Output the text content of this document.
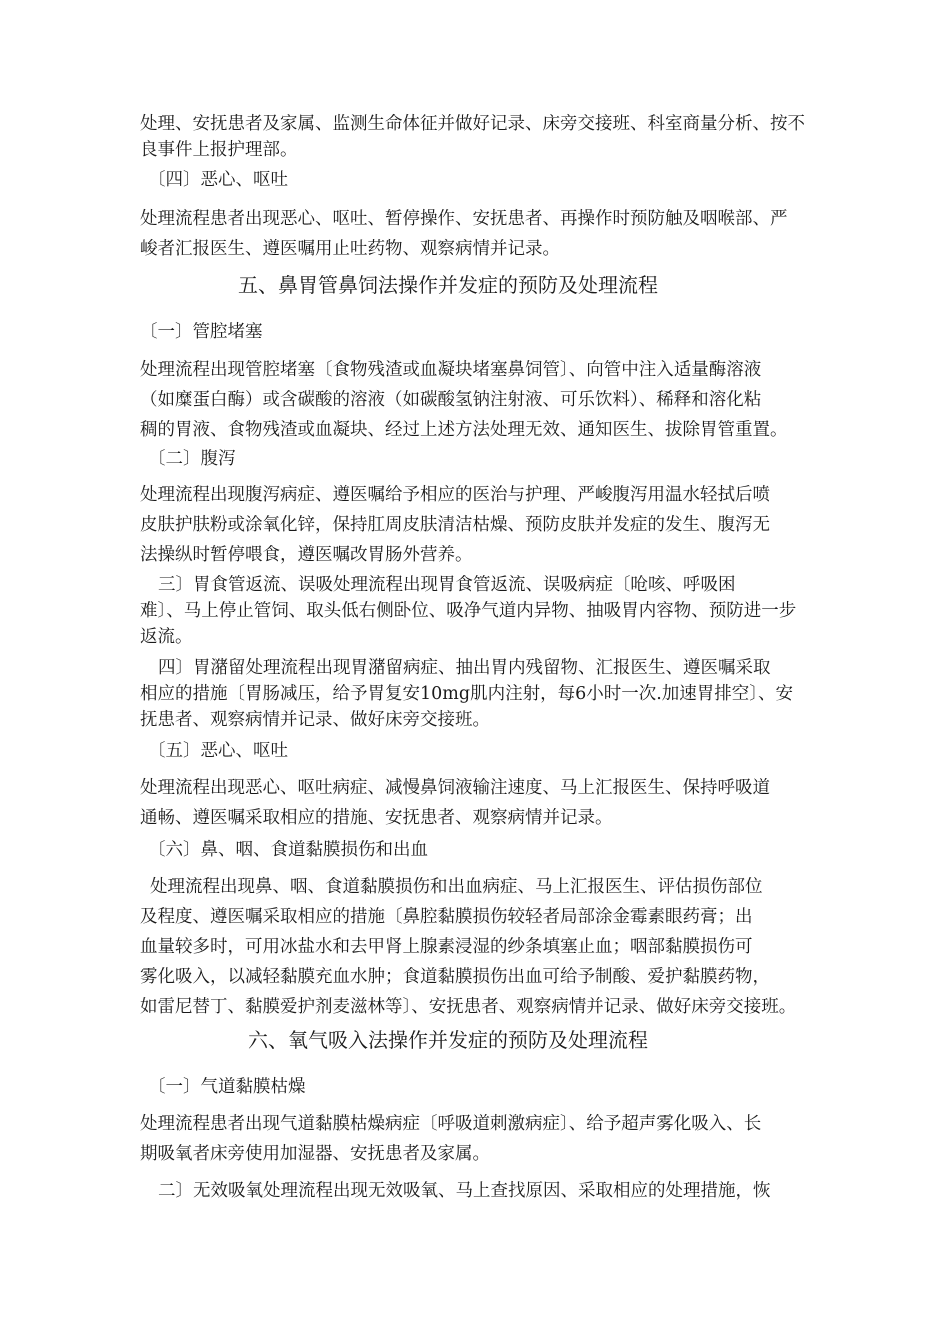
处理、安抚患者及家属、监测生命体征并做好记录、床旁交接班、科室商量分析、按不
良事件上报护理部。

〔四〕恶心、呕吐

处理流程患者出现恶心、呕吐、暂停操作、安抚患者、再操作时预防触及咽喉部、严
峻者汇报医生、遵医嘱用止吐药物、观察病情并记录。

五、鼻胃管鼻饲法操作并发症的预防及处理流程

〔一〕管腔堵塞

处理流程出现管腔堵塞〔食物残渣或血凝块堵塞鼻饲管〕、向管中注入适量酶溶液
（如糜蛋白酶）或含碳酸的溶液（如碳酸氢钠注射液、可乐饮料）、稀释和溶化粘
稠的胃液、食物残渣或血凝块、经过上述方法处理无效、通知医生、拔除胃管重置。

〔二〕腹泻

处理流程出现腹泻病症、遵医嘱给予相应的医治与护理、严峻腹泻用温水轻拭后喷
皮肤护肤粉或涂氧化锌，保持肛周皮肤清洁枯燥、预防皮肤并发症的发生、腹泻无
法操纵时暂停喂食，遵医嘱改胃肠外营养。

三〕胃食管返流、误吸处理流程出现胃食管返流、误吸病症〔呛咳、呼吸困
难〕、马上停止管饲、取头低右侧卧位、吸净气道内异物、抽吸胃内容物、预防进一步
返流。

四〕胃潴留处理流程出现胃潴留病症、抽出胃内残留物、汇报医生、遵医嘱采取
相应的措施〔胃肠减压，给予胃复安10mg肌内注射，每6小时一次.加速胃排空〕、安
抚患者、观察病情并记录、做好床旁交接班。

〔五〕恶心、呕吐

处理流程出现恶心、呕吐病症、减慢鼻饲液输注速度、马上汇报医生、保持呼吸道
通畅、遵医嘱采取相应的措施、安抚患者、观察病情并记录。

〔六〕鼻、咽、食道黏膜损伤和出血

处理流程出现鼻、咽、食道黏膜损伤和出血病症、马上汇报医生、评估损伤部位
及程度、遵医嘱采取相应的措施〔鼻腔黏膜损伤较轻者局部涂金霉素眼药膏；出
血量较多时，可用冰盐水和去甲肾上腺素浸湿的纱条填塞止血；咽部黏膜损伤可
雾化吸入，以减轻黏膜充血水肿；食道黏膜损伤出血可给予制酸、爱护黏膜药物，
如雷尼替丁、黏膜爱护剂麦滋林等〕、安抚患者、观察病情并记录、做好床旁交接班。

六、氧气吸入法操作并发症的预防及处理流程

〔一〕气道黏膜枯燥

处理流程患者出现气道黏膜枯燥病症〔呼吸道刺激病症〕、给予超声雾化吸入、长
期吸氧者床旁使用加湿器、安抚患者及家属。

二〕无效吸氧处理流程出现无效吸氧、马上查找原因、采取相应的处理措施，恢
